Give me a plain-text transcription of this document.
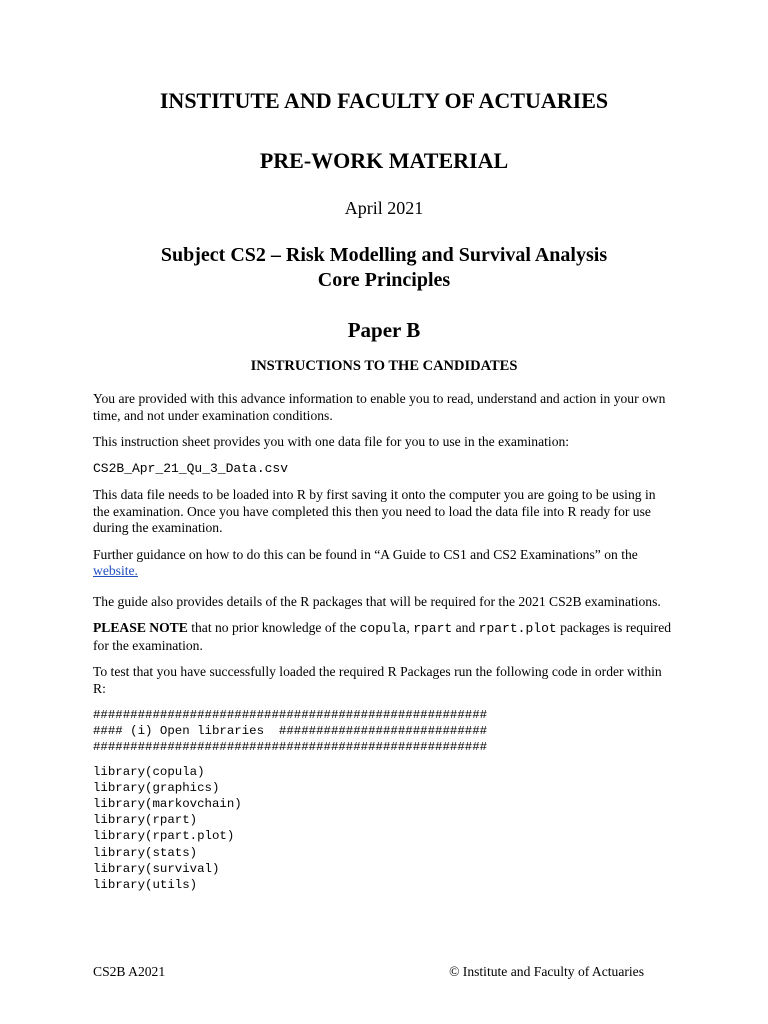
INSTITUTE AND FACULTY OF ACTUARIES
PRE-WORK MATERIAL
April 2021
Subject CS2 – Risk Modelling and Survival Analysis
Core Principles
Paper B
INSTRUCTIONS TO THE CANDIDATES

You are provided with this advance information to enable you to read, understand and action in your own time, and not under examination conditions.

This instruction sheet provides you with one data file for you to use in the examination:

CS2B_Apr_21_Qu_3_Data.csv

This data file needs to be loaded into R by first saving it onto the computer you are going to be using in the examination. Once you have completed this then you need to load the data file into R ready for use during the examination.

Further guidance on how to do this can be found in “A Guide to CS1 and CS2 Examinations” on the website.

The guide also provides details of the R packages that will be required for the 2021 CS2B examinations.

PLEASE NOTE that no prior knowledge of the copula, rpart and rpart.plot packages is required for the examination.

To test that you have successfully loaded the required R Packages run the following code in order within R:

#####################################################
#### (i) Open libraries  ############################
#####################################################
library(copula)
library(graphics)
library(markovchain)
library(rpart)
library(rpart.plot)
library(stats)
library(survival)
library(utils)
CS2B A2021	© Institute and Faculty of Actuaries
